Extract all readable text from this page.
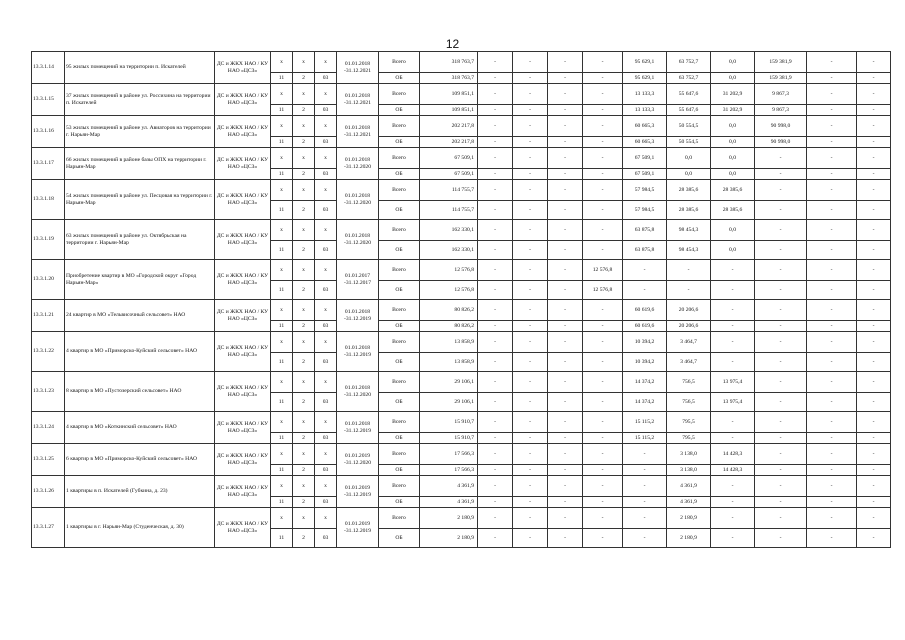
12
13.3.1.14	95 жилых помещений на территории п. Искателей	ДС и ЖКХ НАО / КУ НАО «ЦСЗ»	х	х	х	01.01.2018 -31.12.2021	Всего	318 763,7	-	-	-	-	95 629,1	63 752,7	0,0	159 381,9	-	-
			11	2	03		ОБ	318 763,7	-	-	-	-	95 629,1	63 752,7	0,0	159 381,9	-	-
13.3.1.15	37 жилых помещений в районе ул. Россихина на территории п. Искателей	ДС и ЖКХ НАО / КУ НАО «ЦСЗ»	х	х	х	01.01.2018 -31.12.2021	Всего	109 851,1	-	-	-	-	13 133,3	55 647,6	31 202,9	9 867,3	-	-
			11	2	03		ОБ	109 851,1	-	-	-	-	13 133,3	55 647,6	31 202,9	9 867,3	-	-
13.3.1.16	53 жилых помещений в районе ул. Авиаторов на территории г. Нарьян-Мар	ДС и ЖКХ НАО / КУ НАО «ЦСЗ»	х	х	х	01.01.2018 -31.12.2021	Всего	202 217,8	-	-	-	-	60 665,3	50 554,5	0,0	90 998,0	-	-
			11	2	03		ОБ	202 217,8	-	-	-	-	60 665,3	50 554,5	0,0	90 998,0	-	-
13.3.1.17	66 жилых помещений в районе базы ОПХ на территории г. Нарьян-Мар	ДС и ЖКХ НАО / КУ НАО «ЦСЗ»	х	х	х	01.01.2018 -31.12.2020	Всего	67 509,1	-	-	-	-	67 509,1	0,0	0,0	-	-	-
			11	2	03		ОБ	67 509,1	-	-	-	-	67 509,1	0,0	0,0	-	-	-
13.3.1.18	54 жилых помещений в районе ул. Песцовая на территории г. Нарьян-Мар	ДС и ЖКХ НАО / КУ НАО «ЦСЗ»	х	х	х	01.01.2018 -31.12.2020	Всего	114 755,7	-	-	-	-	57 984,5	28 385,6	28 385,6	-	-	-
			11	2	03		ОБ	114 755,7	-	-	-	-	57 984,5	28 385,6	28 385,6	-	-	-
13.3.1.19	63 жилых помещений в районе ул. Октябрьская на территории г. Нарьян-Мар	ДС и ЖКХ НАО / КУ НАО «ЦСЗ»	х	х	х	01.01.2018 -31.12.2020	Всего	162 330,1	-	-	-	-	63 875,8	98 454,3	0,0	-	-	-
			11	2	03		ОБ	162 330,1	-	-	-	-	63 875,8	98 454,3	0,0	-	-	-
13.3.1.20	Приобретение квартир в МО «Городской округ «Город Нарьян-Мар»	ДС и ЖКХ НАО / КУ НАО «ЦСЗ»	х	х	х	01.01.2017 -31.12.2017	Всего	12 576,8	-	-	-	12 576,8	-	-	-	-	-	-
			11	2	03		ОБ	12 576,8	-	-	-	12 576,8	-	-	-	-	-	-
13.3.1.21	24 квартир в МО «Тельвисочный сельсовет» НАО	ДС и ЖКХ НАО / КУ НАО «ЦСЗ»	х	х	х	01.01.2018 -31.12.2019	Всего	80 826,2	-	-	-	-	60 619,6	20 206,6	-	-	-	-
			11	2	03		ОБ	80 826,2	-	-	-	-	60 619,6	20 206,6	-	-	-	-
13.3.1.22	4 квартир в МО «Приморско-Куйский сельсовет» НАО	ДС и ЖКХ НАО / КУ НАО «ЦСЗ»	х	х	х	01.01.2018 -31.12.2019	Всего	13 858,9	-	-	-	-	10 394,2	3 464,7	-	-	-	-
			11	2	03		ОБ	13 858,9	-	-	-	-	10 394,2	3 464,7	-	-	-	-
13.3.1.23	8 квартир в МО «Пустозерский сельсовет» НАО	ДС и ЖКХ НАО / КУ НАО «ЦСЗ»	х	х	х	01.01.2018 -31.12.2020	Всего	29 106,1	-	-	-	-	14 374,2	756,5	13 975,4	-	-	-
			11	2	03		ОБ	29 106,1	-	-	-	-	14 374,2	756,5	13 975,4	-	-	-
13.3.1.24	4 квартир в МО «Коткинский сельсовет» НАО	ДС и ЖКХ НАО / КУ НАО «ЦСЗ»	х	х	х	01.01.2018 -31.12.2019	Всего	15 910,7	-	-	-	-	15 115,2	795,5	-	-	-	-
			11	2	03		ОБ	15 910,7	-	-	-	-	15 115,2	795,5	-	-	-	-
13.3.1.25	6 квартир в МО «Приморско-Куйский сельсовет» НАО	ДС и ЖКХ НАО / КУ НАО «ЦСЗ»	х	х	х	01.01.2019 -31.12.2020	Всего	17 566,3	-	-	-	-	-	3 138,0	14 428,3	-	-	-
			11	2	03		ОБ	17 566,3	-	-	-	-	-	3 138,0	14 428,3	-	-	-
13.3.1.26	1 квартиры в п. Искателей (Губкина, д. 23)	ДС и ЖКХ НАО / КУ НАО «ЦСЗ»	х	х	х	01.01.2019 -31.12.2019	Всего	4 361,9	-	-	-	-	-	4 361,9	-	-	-	-
			11	2	03		ОБ	4 361,9	-	-	-	-	-	4 361,9	-	-	-	-
13.3.1.27	1 квартиры в г. Нарьян-Мар (Студенческая, д. 30)	ДС и ЖКХ НАО / КУ НАО «ЦСЗ»	х	х	х	01.01.2019 -31.12.2019	Всего	2 180,9	-	-	-	-	-	2 180,9	-	-	-	-
			11	2	03		ОБ	2 180,9	-	-	-	-	-	2 180,9	-	-	-	-
